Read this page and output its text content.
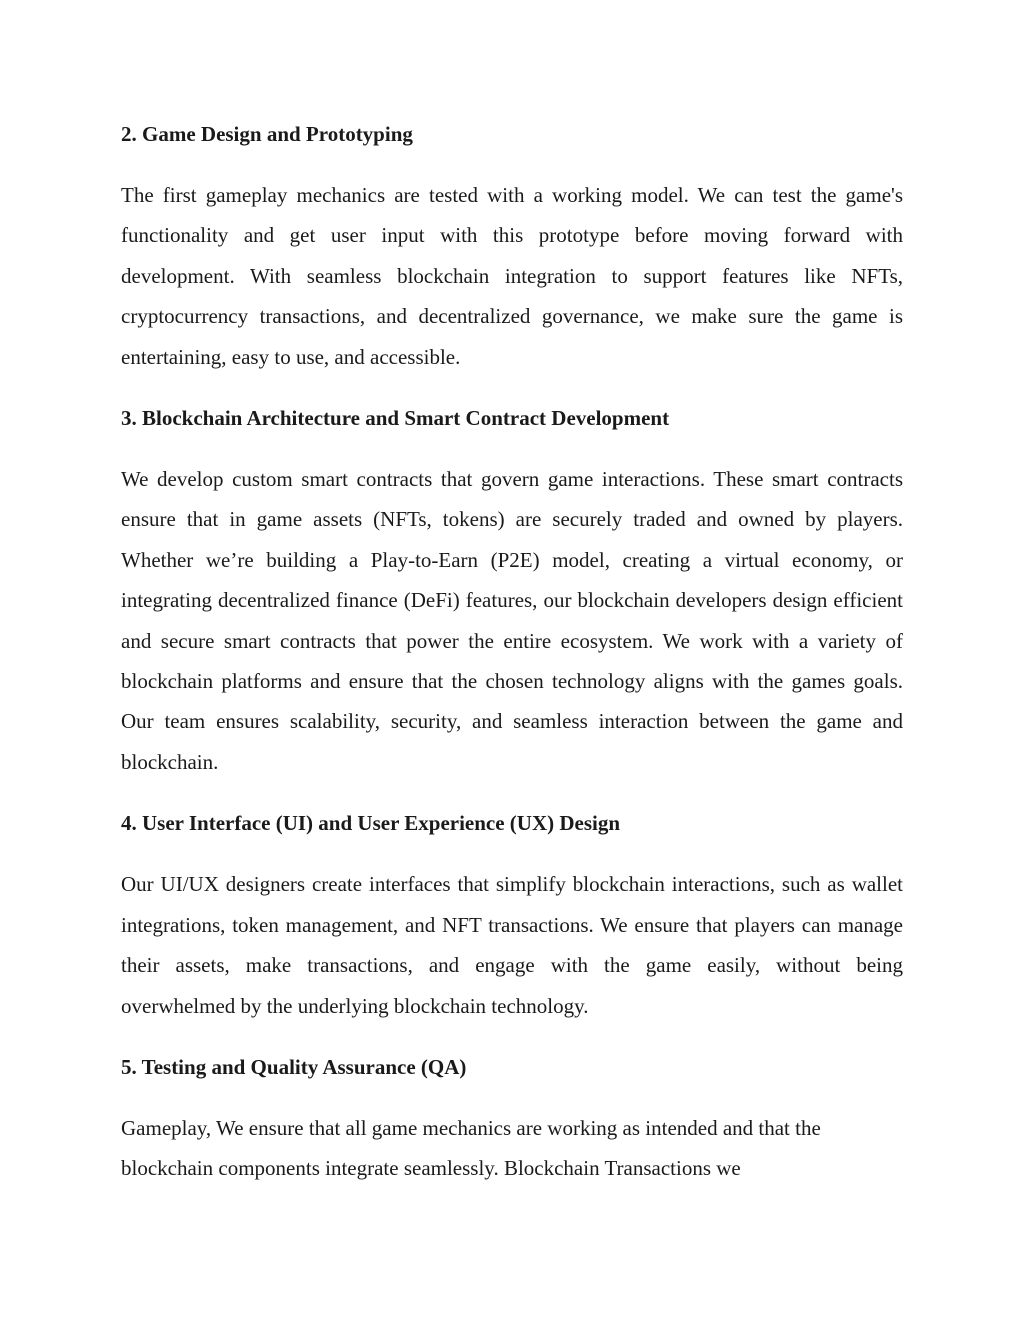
2. Game Design and Prototyping
The first gameplay mechanics are tested with a working model. We can test the game's functionality and get user input with this prototype before moving forward with development. With seamless blockchain integration to support features like NFTs, cryptocurrency transactions, and decentralized governance, we make sure the game is entertaining, easy to use, and accessible.
3. Blockchain Architecture and Smart Contract Development
We develop custom smart contracts that govern game interactions. These smart contracts ensure that in game assets (NFTs, tokens) are securely traded and owned by players. Whether we’re building a Play-to-Earn (P2E) model, creating a virtual economy, or integrating decentralized finance (DeFi) features, our blockchain developers design efficient and secure smart contracts that power the entire ecosystem. We work with a variety of blockchain platforms and ensure that the chosen technology aligns with the games goals. Our team ensures scalability, security, and seamless interaction between the game and blockchain.
4. User Interface (UI) and User Experience (UX) Design
Our UI/UX designers create interfaces that simplify blockchain interactions, such as wallet integrations, token management, and NFT transactions. We ensure that players can manage their assets, make transactions, and engage with the game easily, without being overwhelmed by the underlying blockchain technology.
5. Testing and Quality Assurance (QA)
Gameplay, We ensure that all game mechanics are working as intended and that the blockchain components integrate seamlessly. Blockchain Transactions we
